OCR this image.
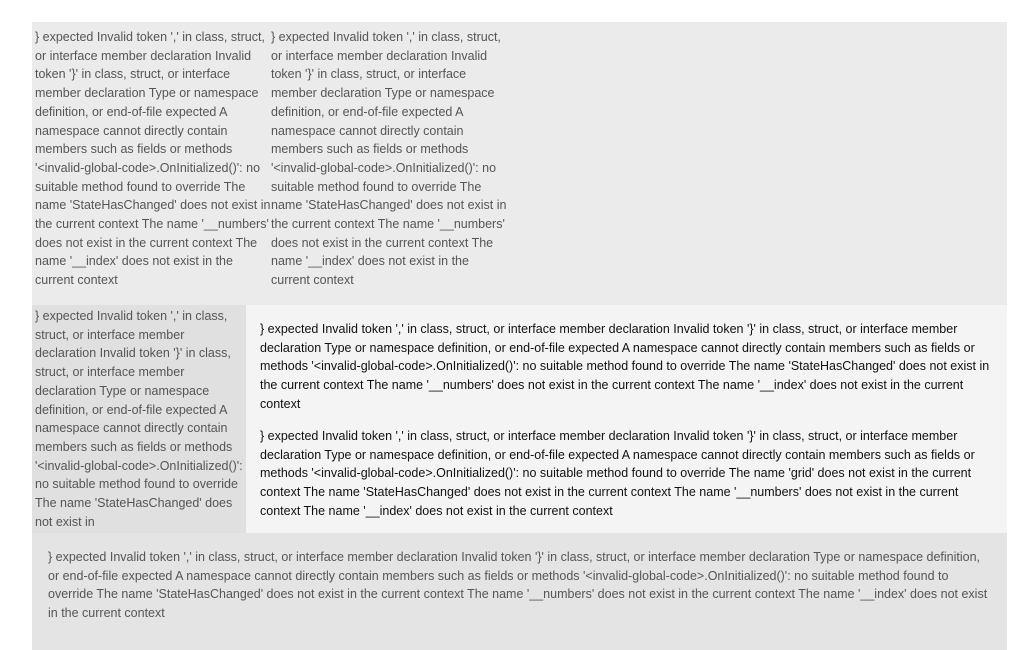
} expected Invalid token ',' in class, struct, or interface member declaration Invalid token '}' in class, struct, or interface member declaration Type or namespace definition, or end-of-file expected A namespace cannot directly contain members such as fields or methods '<invalid-global-code>.OnInitialized()': no suitable method found to override The name 'StateHasChanged' does not exist in the current context The name '__numbers' does not exist in the current context The name '__index' does not exist in the current context
} expected Invalid token ',' in class, struct, or interface member declaration Invalid token '}' in class, struct, or interface member declaration Type or namespace definition, or end-of-file expected A namespace cannot directly contain members such as fields or methods '<invalid-global-code>.OnInitialized()': no suitable method found to override The name 'StateHasChanged' does not exist in the current context The name '__numbers' does not exist in the current context The name '__index' does not exist in the current context
} expected Invalid token ',' in class, struct, or interface member declaration Invalid token '}' in class, struct, or interface member declaration Type or namespace definition, or end-of-file expected A namespace cannot directly contain members such as fields or methods '<invalid-global-code>.OnInitialized()': no suitable method found to override The name 'StateHasChanged' does not exist in
} expected Invalid token ',' in class, struct, or interface member declaration Invalid token '}' in class, struct, or interface member declaration Type or namespace definition, or end-of-file expected A namespace cannot directly contain members such as fields or methods '<invalid-global-code>.OnInitialized()': no suitable method found to override The name 'StateHasChanged' does not exist in the current context The name '__numbers' does not exist in the current context The name '__index' does not exist in the current context
} expected Invalid token ',' in class, struct, or interface member declaration Invalid token '}' in class, struct, or interface member declaration Type or namespace definition, or end-of-file expected A namespace cannot directly contain members such as fields or methods '<invalid-global-code>.OnInitialized()': no suitable method found to override The name 'grid' does not exist in the current context The name 'StateHasChanged' does not exist in the current context The name '__numbers' does not exist in the current context The name '__index' does not exist in the current context
} expected Invalid token ',' in class, struct, or interface member declaration Invalid token '}' in class, struct, or interface member declaration Type or namespace definition, or end-of-file expected A namespace cannot directly contain members such as fields or methods '<invalid-global-code>.OnInitialized()': no suitable method found to override The name 'StateHasChanged' does not exist in the current context The name '__numbers' does not exist in the current context The name '__index' does not exist in the current context
